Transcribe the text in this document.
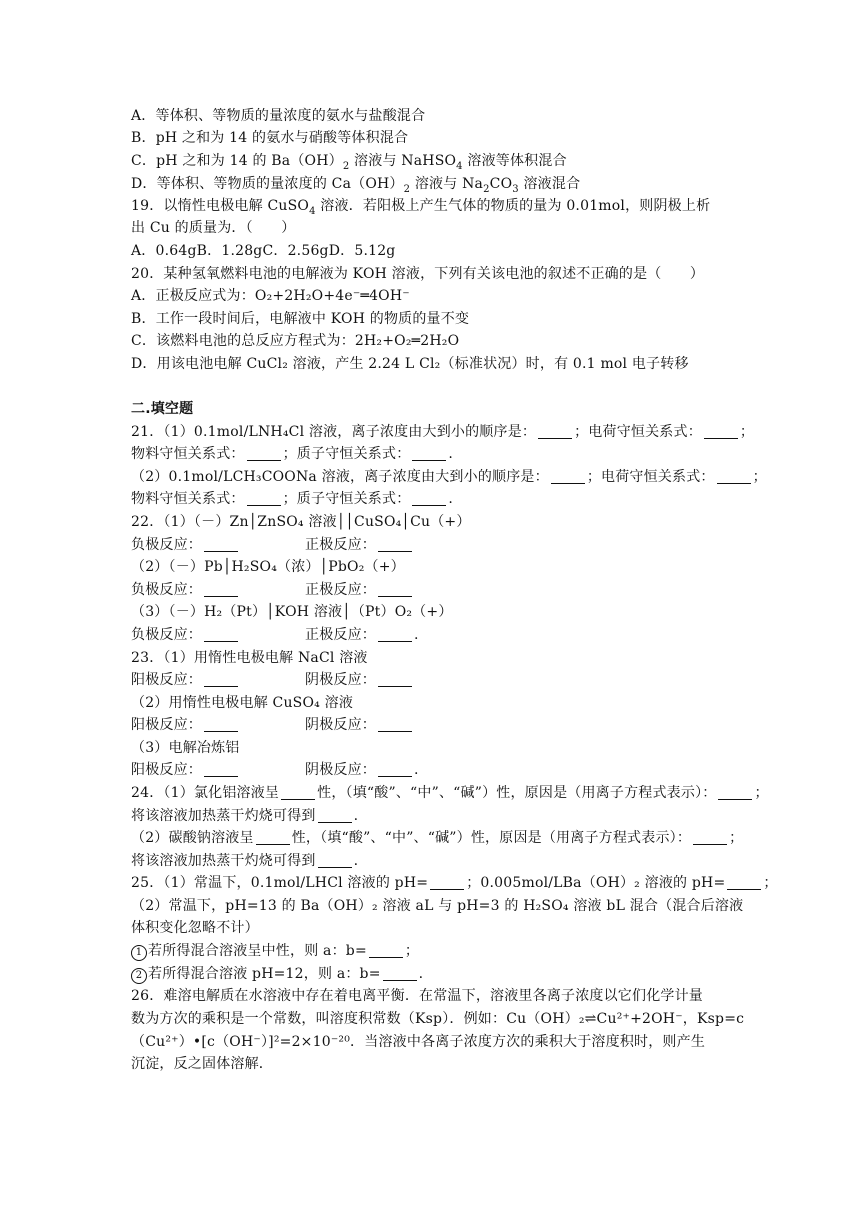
A．等体积、等物质的量浓度的氨水与盐酸混合
B．pH 之和为 14 的氨水与硝酸等体积混合
C．pH 之和为 14 的 $Ba(OH)_2$ 溶液与 NaHSO$_4$ 溶液等体积混合
D．等体积、等物质的量浓度的 $Ca(OH)_2$ 溶液与 $Na_2CO_3$ 溶液混合
19．以惰性电极电解 CuSO$_4$ 溶液．若阳极上产生气体的物质的量为 0.01mol，则阴极上析
出 Cu 的质量为．（　　）
A．0.64gB．1.28gC．2.56gD．5.12g
20．某种氢氧燃料电池的电解液为 KOH 溶液，下列有关该电池的叙述不正确的是（　　）
A．正极反应式为：O₂+2H₂O+4e⁻═4OH⁻
B．工作一段时间后，电解液中 KOH 的物质的量不变
C．该燃料电池的总反应方程式为：2H₂+O₂═2H₂O
D．用该电池电解 CuCl₂ 溶液，产生 2.24 L Cl₂（标准状况）时，有 0.1 mol 电子转移
二.填空题
21．（1）0.1mol/LNH₄Cl 溶液，离子浓度由大到小的顺序是：	；电荷守恒关系式：	；
物料守恒关系式：	；质子守恒关系式：	.
（2）0.1mol/LCH₃COONa 溶液，离子浓度由大到小的顺序是：	；电荷守恒关系式：	；
物料守恒关系式：	；质子守恒关系式：	.
22．（1）（－）Zn│ZnSO₄ 溶液││CuSO₄│Cu（+）
负极反应：	正极反应：
（2）（－）Pb│H₂SO₄（浓）│PbO₂（+）
负极反应：	正极反应：
（3）（－）H₂（Pt）│KOH 溶液│（Pt）O₂（+）
负极反应：	正极反应：	.
23．（1）用惰性电极电解 NaCl 溶液
阳极反应：	阴极反应：
（2）用惰性电极电解 CuSO₄ 溶液
阳极反应：	阴极反应：
（3）电解冶炼铝
阳极反应：	阴极反应：	.
24．（1）氯化铝溶液呈	性，（填“酸”、“中”、“碱”）性，原因是（用离子方程式表示）：	；
将该溶液加热蒸干灼烧可得到	.
（2）碳酸钠溶液呈	性，（填“酸”、“中”、“碱”）性，原因是（用离子方程式表示）：	；
将该溶液加热蒸干灼烧可得到	.
25．（1）常温下，0.1mol/LHCl 溶液的 pH=	；0.005mol/LBa（OH）₂ 溶液的 pH=	；
（2）常温下，pH=13 的 Ba（OH）₂ 溶液 aL 与 pH=3 的 H₂SO₄ 溶液 bL 混合（混合后溶液
体积变化忽略不计）
1 若所得混合溶液呈中性，则 a：b=	；
2 若所得混合溶液 pH=12，则 a：b=	.
26．难溶电解质在水溶液中存在着电离平衡．在常温下，溶液里各离子浓度以它们化学计量
数为方次的乘积是一个常数，叫溶度积常数（Ksp）．例如：Cu（OH）₂⇌Cu²⁺+2OH⁻，Ksp=c
（Cu²⁺）•[c（OH⁻）]²=2×10⁻²⁰．当溶液中各离子浓度方次的乘积大于溶度积时，则产生
沉淀，反之固体溶解．
